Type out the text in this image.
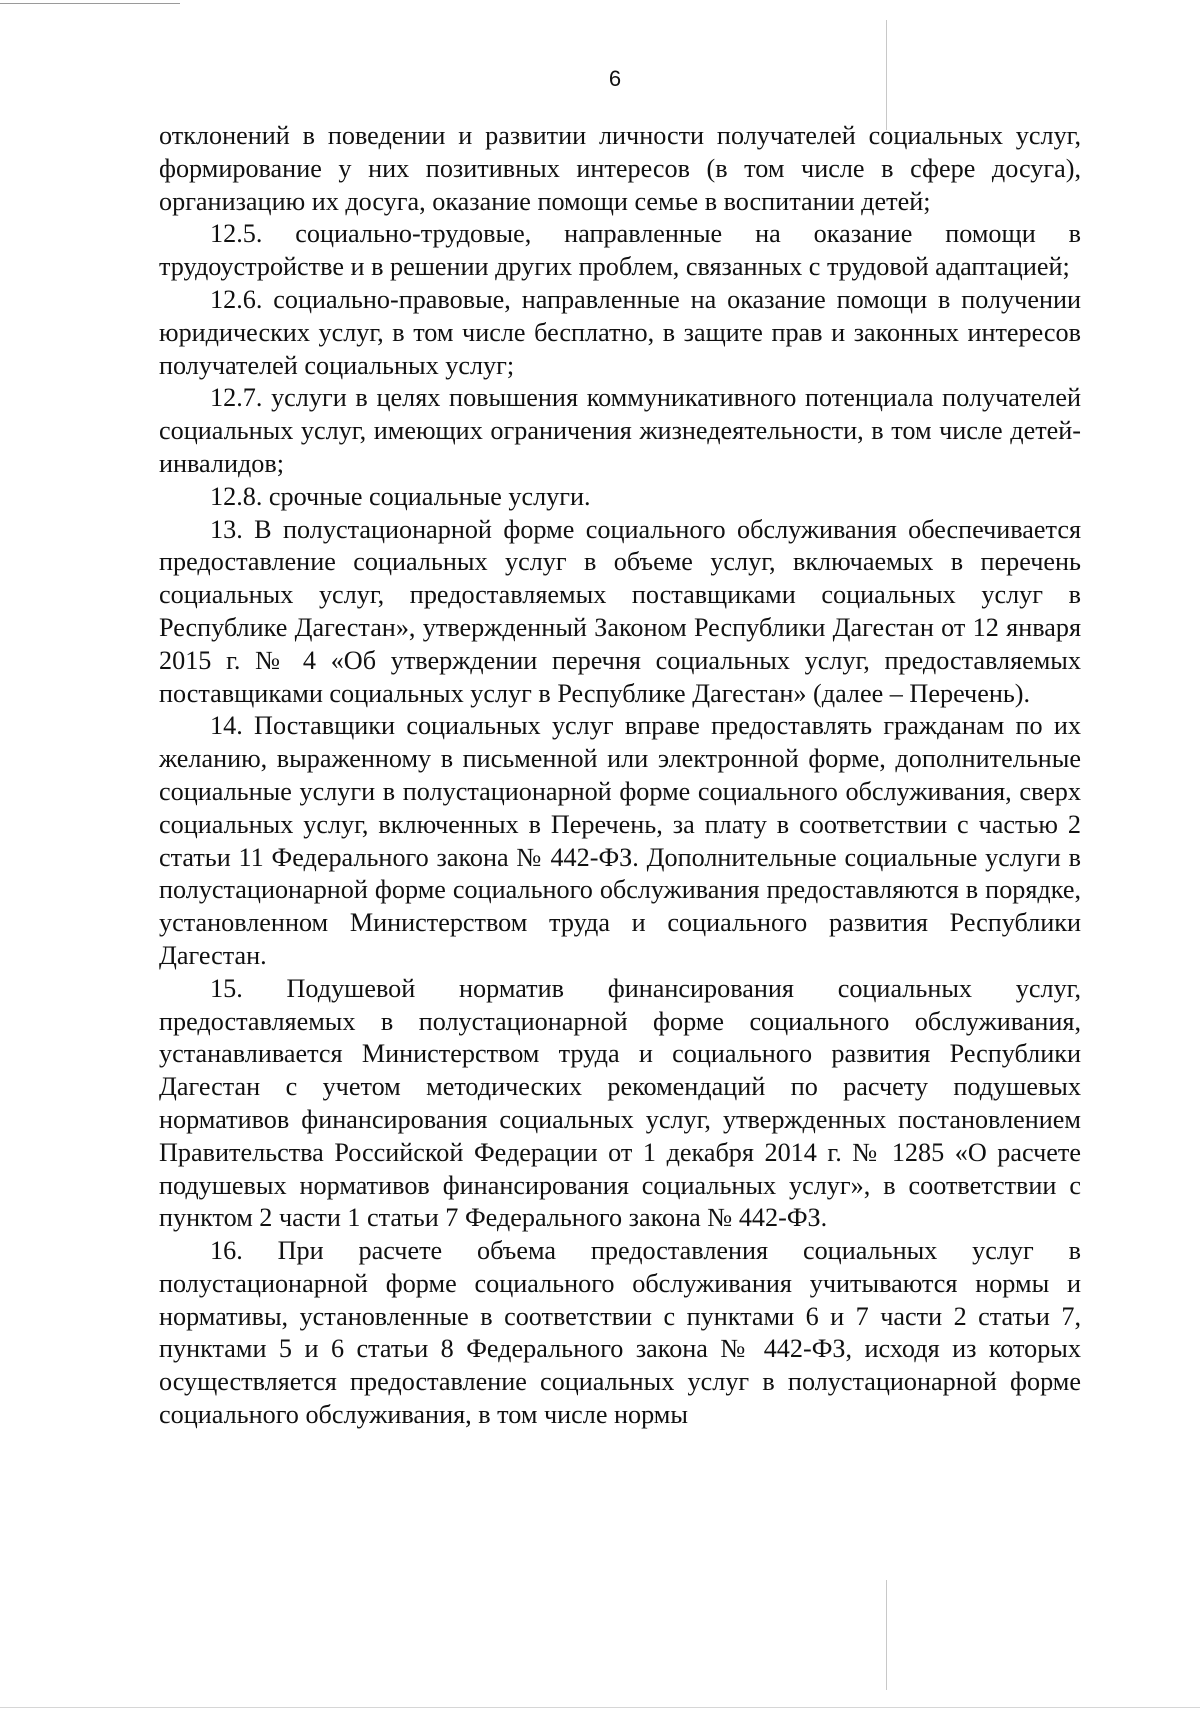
6

отклонений в поведении и развитии личности получателей социальных услуг, формирование у них позитивных интересов (в том числе в сфере досуга), организацию их досуга, оказание помощи семье в воспитании детей;

12.5. социально-трудовые, направленные на оказание помощи в трудоустройстве и в решении других проблем, связанных с трудовой адаптацией;

12.6. социально-правовые, направленные на оказание помощи в получении юридических услуг, в том числе бесплатно, в защите прав и законных интересов получателей социальных услуг;

12.7. услуги в целях повышения коммуникативного потенциала получателей социальных услуг, имеющих ограничения жизнедеятельности, в том числе детей-инвалидов;

12.8. срочные социальные услуги.

13. В полустационарной форме социального обслуживания обеспечивается предоставление социальных услуг в объеме услуг, включаемых в перечень социальных услуг, предоставляемых поставщиками социальных услуг в Республике Дагестан», утвержденный Законом Республики Дагестан от 12 января 2015 г. № 4 «Об утверждении перечня социальных услуг, предоставляемых поставщиками социальных услуг в Республике Дагестан» (далее – Перечень).

14. Поставщики социальных услуг вправе предоставлять гражданам по их желанию, выраженному в письменной или электронной форме, дополнительные социальные услуги в полустационарной форме социального обслуживания, сверх социальных услуг, включенных в Перечень, за плату в соответствии с частью 2 статьи 11 Федерального закона № 442-ФЗ. Дополнительные социальные услуги в полустационарной форме социального обслуживания предоставляются в порядке, установленном Министерством труда и социального развития Республики Дагестан.

15. Подушевой норматив финансирования социальных услуг, предоставляемых в полустационарной форме социального обслуживания, устанавливается Министерством труда и социального развития Республики Дагестан с учетом методических рекомендаций по расчету подушевых нормативов финансирования социальных услуг, утвержденных постановлением Правительства Российской Федерации от 1 декабря 2014 г. № 1285 «О расчете подушевых нормативов финансирования социальных услуг», в соответствии с пунктом 2 части 1 статьи 7 Федерального закона № 442-ФЗ.

16. При расчете объема предоставления социальных услуг в полустационарной форме социального обслуживания учитываются нормы и нормативы, установленные в соответствии с пунктами 6 и 7 части 2 статьи 7, пунктами 5 и 6 статьи 8 Федерального закона № 442-ФЗ, исходя из которых осуществляется предоставление социальных услуг в полустационарной форме социального обслуживания, в том числе нормы
